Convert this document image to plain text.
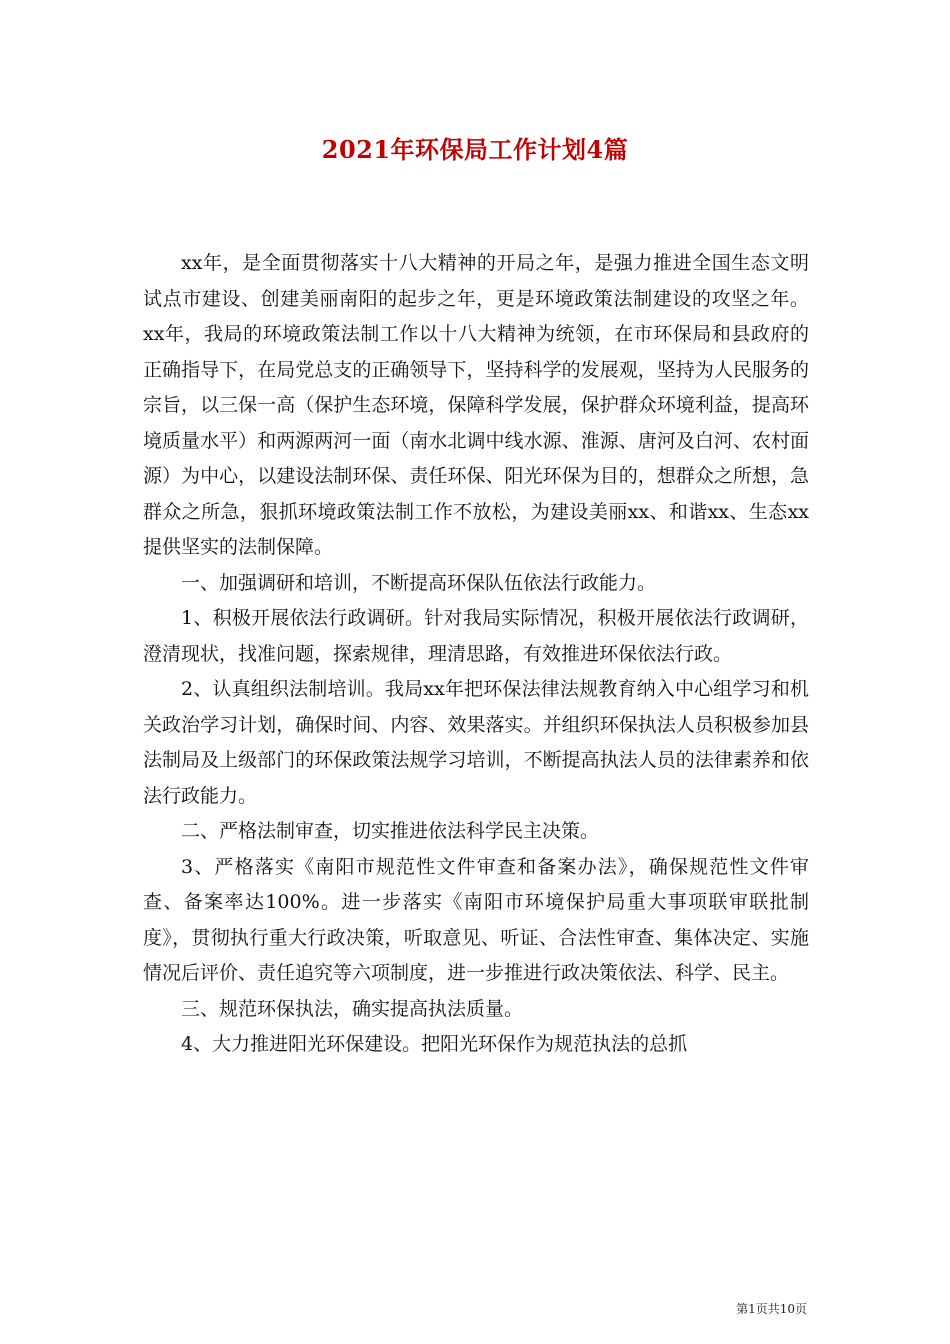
2021年环保局工作计划4篇

xx年，是全面贯彻落实十八大精神的开局之年，是强力推进全国生态文明试点市建设、创建美丽南阳的起步之年，更是环境政策法制建设的攻坚之年。xx年，我局的环境政策法制工作以十八大精神为统领，在市环保局和县政府的正确指导下，在局党总支的正确领导下，坚持科学的发展观，坚持为人民服务的宗旨，以三保一高（保护生态环境，保障科学发展，保护群众环境利益，提高环境质量水平）和两源两河一面（南水北调中线水源、淮源、唐河及白河、农村面源）为中心，以建设法制环保、责任环保、阳光环保为目的，想群众之所想，急群众之所急，狠抓环境政策法制工作不放松，为建设美丽xx、和谐xx、生态xx提供坚实的法制保障。

一、加强调研和培训，不断提高环保队伍依法行政能力。

1、积极开展依法行政调研。针对我局实际情况，积极开展依法行政调研，澄清现状，找准问题，探索规律，理清思路，有效推进环保依法行政。

2、认真组织法制培训。我局xx年把环保法律法规教育纳入中心组学习和机关政治学习计划，确保时间、内容、效果落实。并组织环保执法人员积极参加县法制局及上级部门的环保政策法规学习培训，不断提高执法人员的法律素养和依法行政能力。

二、严格法制审查，切实推进依法科学民主决策。

3、严格落实《南阳市规范性文件审查和备案办法》，确保规范性文件审查、备案率达100%。进一步落实《南阳市环境保护局重大事项联审联批制度》，贯彻执行重大行政决策，听取意见、听证、合法性审查、集体决定、实施情况后评价、责任追究等六项制度，进一步推进行政决策依法、科学、民主。

三、规范环保执法，确实提高执法质量。

4、大力推进阳光环保建设。把阳光环保作为规范执法的总抓

第1页共10页
